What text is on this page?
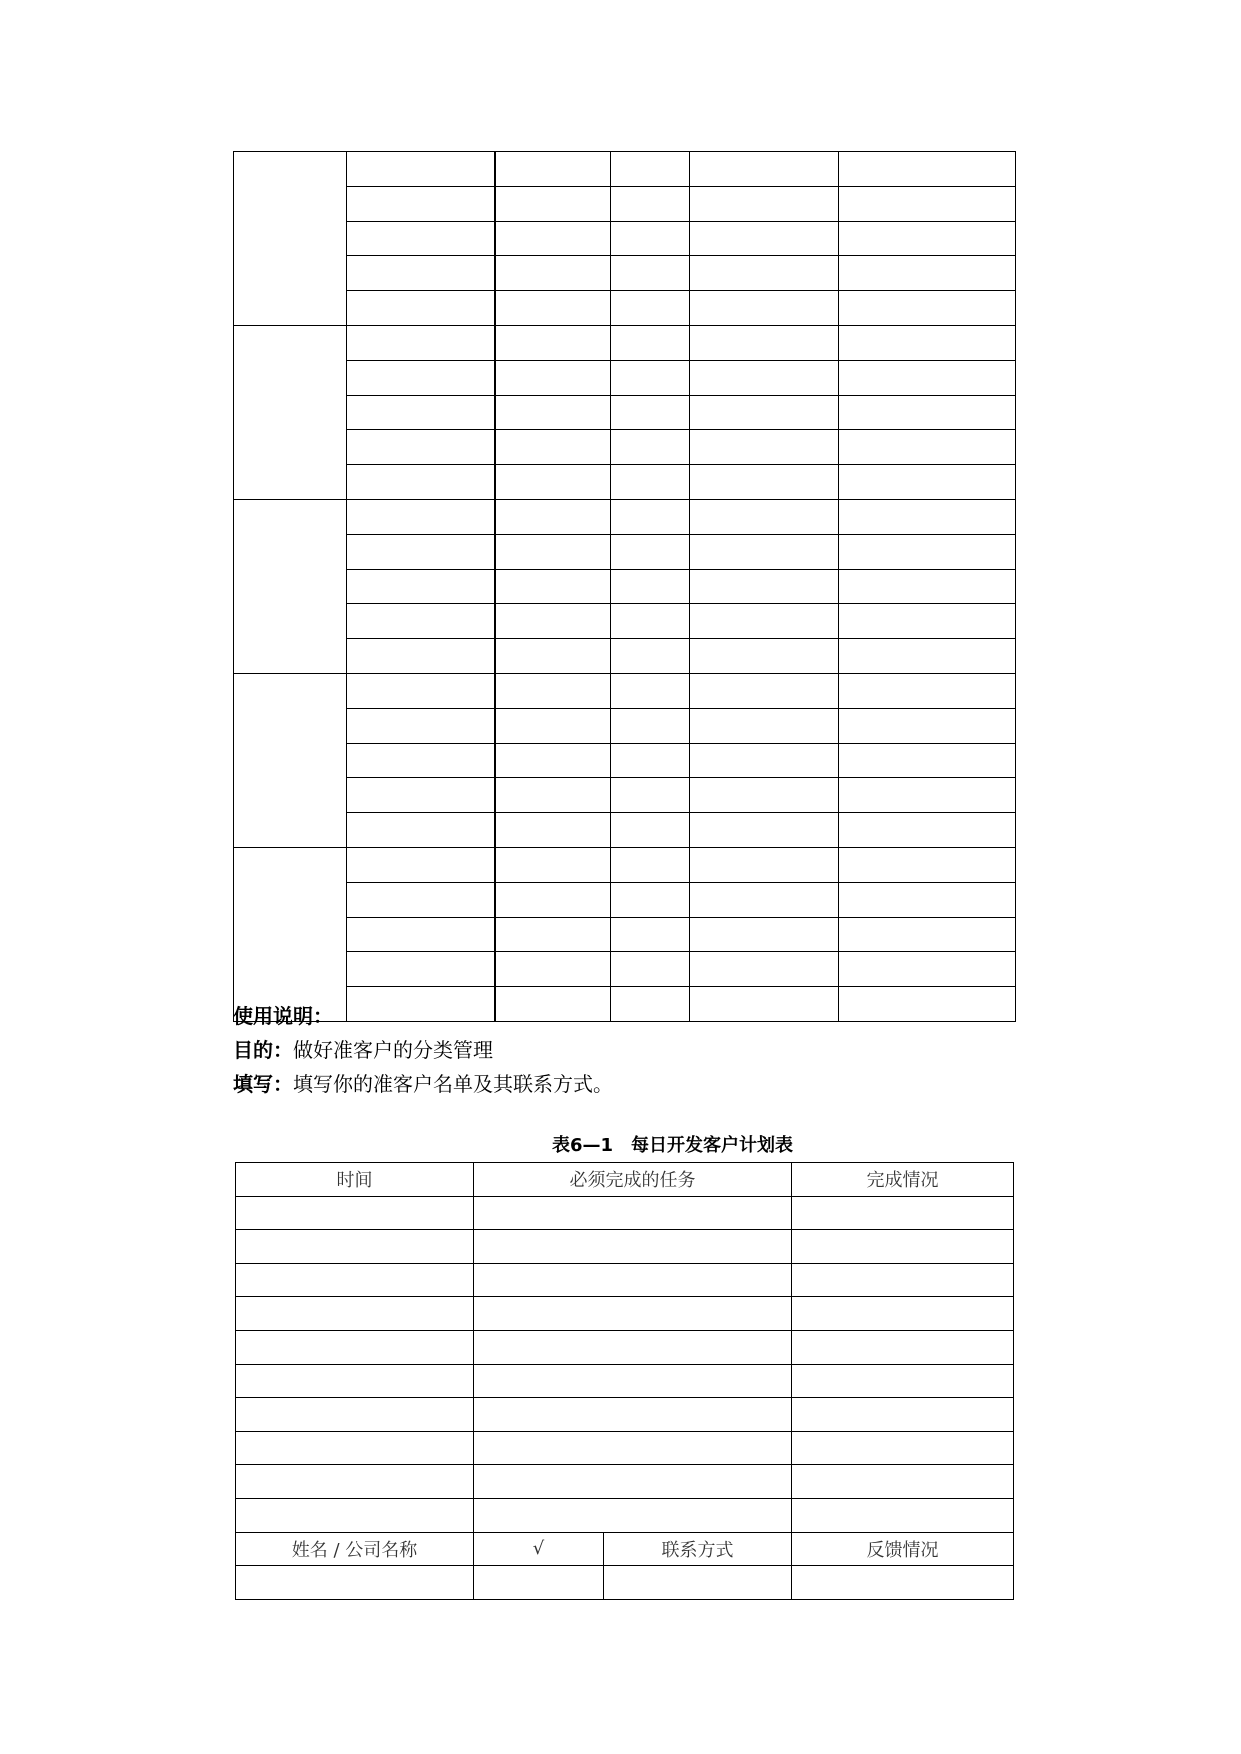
使用说明：
目的：做好准客户的分类管理
填写：填写你的准客户名单及其联系方式。
表6—1　每日开发客户计划表
时间	必须完成的任务		完成情况

姓名 / 公司名称	√	联系方式	反馈情况
